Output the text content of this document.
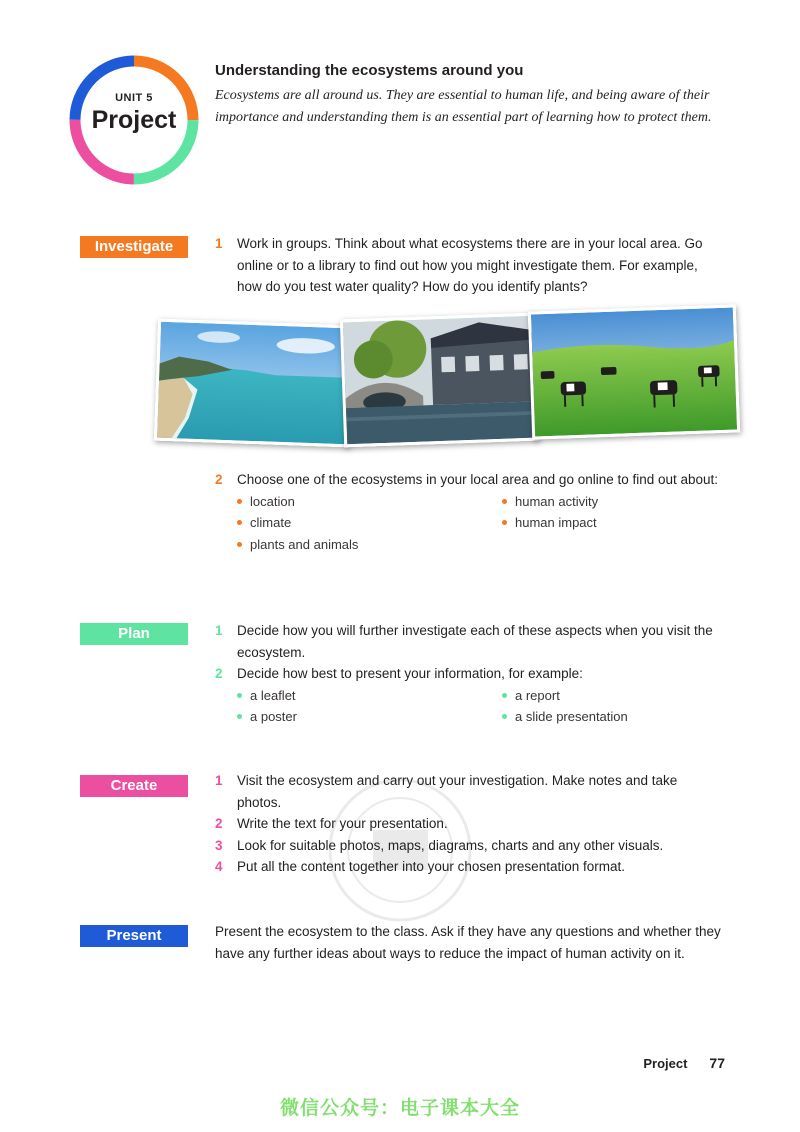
UNIT 5
Project
Understanding the ecosystems around you
Ecosystems are all around us. They are essential to human life, and being aware of their importance and understanding them is an essential part of learning how to protect them.
Investigate	1	Work in groups. Think about what ecosystems there are in your local area. Go online or to a library to find out how you might investigate them. For example, how do you test water quality? How do you identify plants?
2	Choose one of the ecosystems in your local area and go online to find out about:
location	human activity
climate	human impact
plants and animals
Plan	1	Decide how you will further investigate each of these aspects when you visit the ecosystem.
2	Decide how best to present your information, for example:
a leaflet	a report
a poster	a slide presentation
Create	1	Visit the ecosystem and carry out your investigation. Make notes and take photos.
2	Write the text for your presentation.
3	Look for suitable photos, maps, diagrams, charts and any other visuals.
4	Put all the content together into your chosen presentation format.
Present	Present the ecosystem to the class. Ask if they have any questions and whether they have any further ideas about ways to reduce the impact of human activity on it.
Project 77
微信公众号：电子课本大全
